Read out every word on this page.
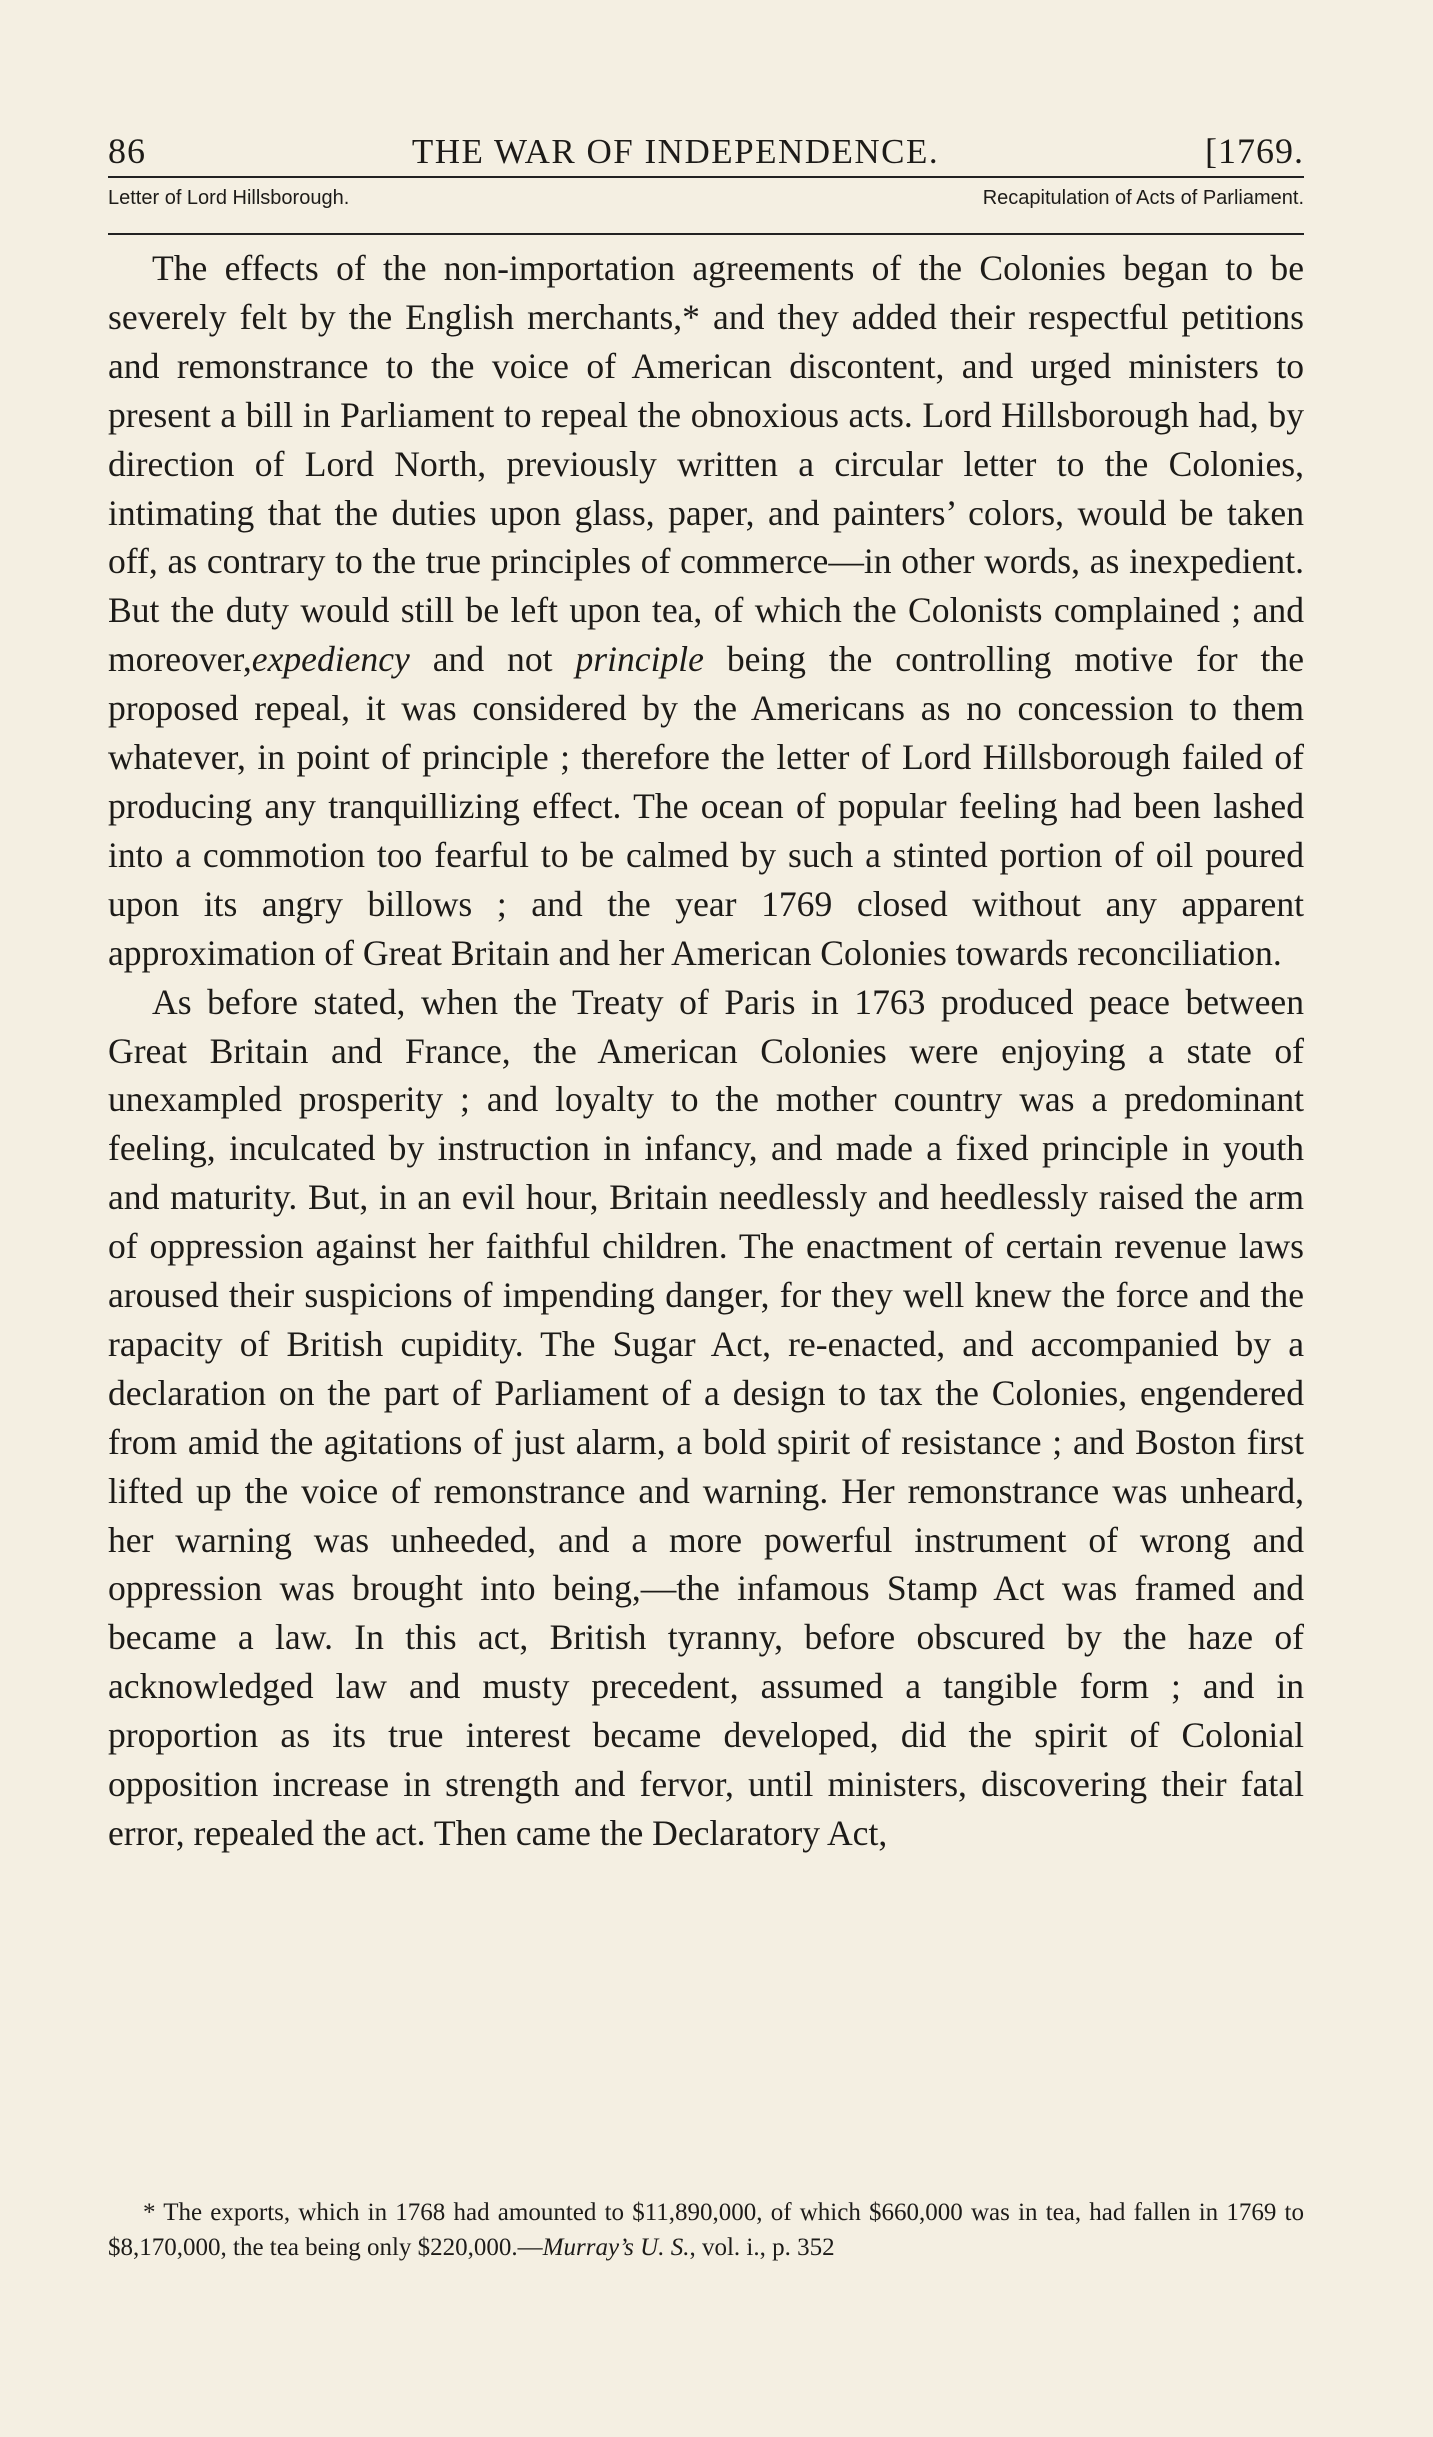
86	THE WAR OF INDEPENDENCE.	[1769.
Letter of Lord Hillsborough.	Recapitulation of Acts of Parliament.

The effects of the non-importation agreements of the Colonies began to be severely felt by the English merchants,* and they added their respectful petitions and remonstrance to the voice of American discontent, and urged ministers to present a bill in Parliament to repeal the obnoxious acts. Lord Hillsborough had, by direction of Lord North, previously written a circular letter to the Colonies, intimating that the duties upon glass, paper, and painters’ colors, would be taken off, as contrary to the true principles of commerce—in other words, as inexpedient. But the duty would still be left upon tea, of which the Colonists complained ; and moreover,expediency and not principle being the controlling motive for the proposed repeal, it was considered by the Americans as no concession to them whatever, in point of principle ; therefore the letter of Lord Hillsborough failed of producing any tranquillizing effect. The ocean of popular feeling had been lashed into a commotion too fearful to be calmed by such a stinted portion of oil poured upon its angry billows ; and the year 1769 closed without any apparent approximation of Great Britain and her American Colonies towards reconciliation.

As before stated, when the Treaty of Paris in 1763 produced peace between Great Britain and France, the American Colonies were enjoying a state of unexampled prosperity ; and loyalty to the mother country was a predominant feeling, inculcated by instruction in infancy, and made a fixed principle in youth and maturity. But, in an evil hour, Britain needlessly and heedlessly raised the arm of oppression against her faithful children. The enactment of certain revenue laws aroused their suspicions of impending danger, for they well knew the force and the rapacity of British cupidity. The Sugar Act, re-enacted, and accompanied by a declaration on the part of Parliament of a design to tax the Colonies, engendered from amid the agitations of just alarm, a bold spirit of resistance ; and Boston first lifted up the voice of remonstrance and warning. Her remonstrance was unheard, her warning was unheeded, and a more powerful instrument of wrong and oppression was brought into being,—the infamous Stamp Act was framed and became a law. In this act, British tyranny, before obscured by the haze of acknowledged law and musty precedent, assumed a tangible form ; and in proportion as its true interest became developed, did the spirit of Colonial opposition increase in strength and fervor, until ministers, discovering their fatal error, repealed the act. Then came the Declaratory Act,

* The exports, which in 1768 had amounted to $11,890,000, of which $660,000 was in tea, had fallen in 1769 to $8,170,000, the tea being only $220,000.—Murray’s U. S., vol. i., p. 352
